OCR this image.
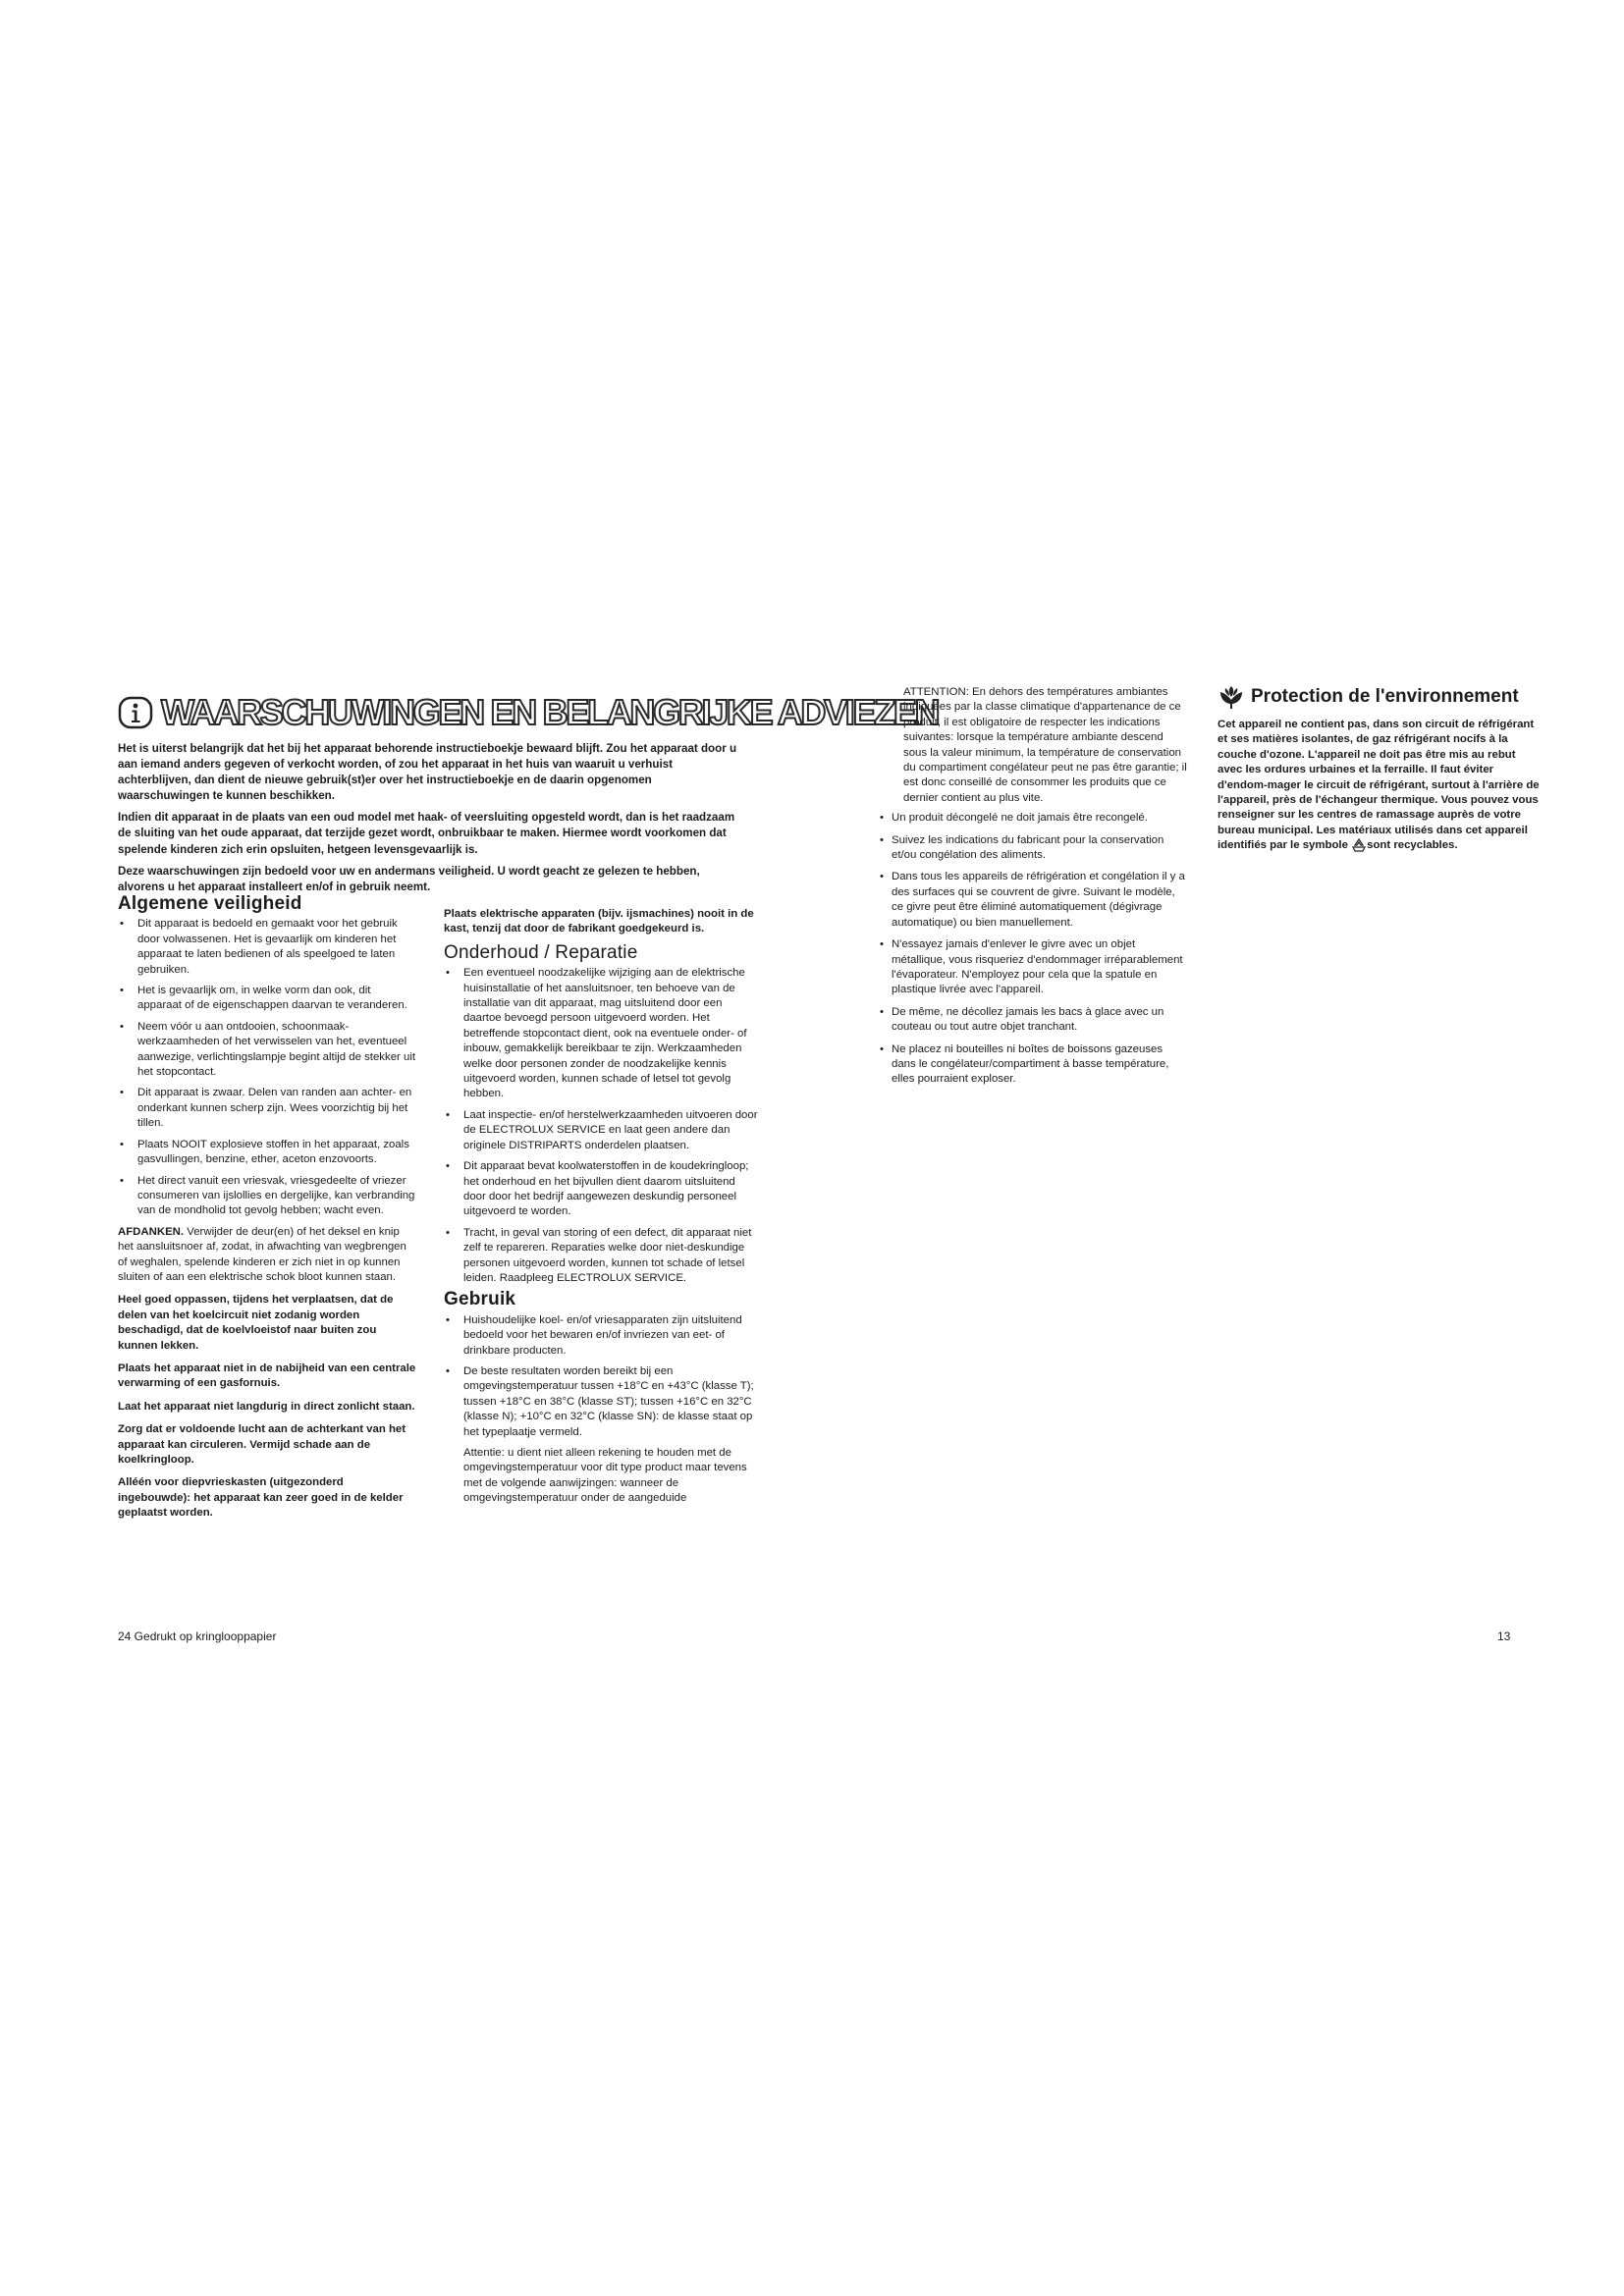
WAARSCHUWINGEN EN BELANGRIJKE ADVIEZEN

Het is uiterst belangrijk dat het bij het apparaat behorende instructieboekje bewaard blijft. Zou het apparaat door u aan iemand anders gegeven of verkocht worden, of zou het apparaat in het huis van waaruit u verhuist achterblijven, dan dient de nieuwe gebruik(st)er over het instructieboekje en de daarin opgenomen waarschuwingen te kunnen beschikken.

Indien dit apparaat in de plaats van een oud model met haak- of veersluiting opgesteld wordt, dan is het raadzaam de sluiting van het oude apparaat, dat terzijde gezet wordt, onbruikbaar te maken. Hiermee wordt voorkomen dat spelende kinderen zich erin opsluiten, hetgeen levensgevaarlijk is.

Deze waarschuwingen zijn bedoeld voor uw en andermans veiligheid. U wordt geacht ze gelezen te hebben, alvorens u het apparaat installeert en/of in gebruik neemt.

Algemene veiligheid
• Dit apparaat is bedoeld en gemaakt voor het gebruik door volwassenen. Het is gevaarlijk om kinderen het apparaat te laten bedienen of als speelgoed te laten gebruiken.
• Het is gevaarlijk om, in welke vorm dan ook, dit apparaat of de eigenschappen daarvan te veranderen.
• Neem vóór u aan ontdooien, schoonmaak-werkzaamheden of het verwisselen van het, eventueel aanwezige, verlichtingslampje begint altijd de stekker uit het stopcontact.
• Dit apparaat is zwaar. Delen van randen aan achter- en onderkant kunnen scherp zijn. Wees voorzichtig bij het tillen.
• Plaats NOOIT explosieve stoffen in het apparaat, zoals gasvullingen, benzine, ether, aceton enzovoorts.
• Het direct vanuit een vriesvak, vriesgedeelte of vriezer consumeren van ijslollies en dergelijke, kan verbranding van de mondholid tot gevolg hebben; wacht even.

AFDANKEN. Verwijder de deur(en) of het deksel en knip het aansluitsnoer af, zodat, in afwachting van wegbrengen of weghalen, spelende kinderen er zich niet in op kunnen sluiten of aan een elektrische schok bloot kunnen staan.

Heel goed oppassen, tijdens het verplaatsen, dat de delen van het koelcircuit niet zodanig worden beschadigd, dat de koelvloeistof naar buiten zou kunnen lekken.

Plaats het apparaat niet in de nabijheid van een centrale verwarming of een gasfornuis.

Laat het apparaat niet langdurig in direct zonlicht staan.

Zorg dat er voldoende lucht aan de achterkant van het apparaat kan circuleren. Vermijd schade aan de koelkringloop.

Alléén voor diepvrieskasten (uitgezonderd ingebouwde): het apparaat kan zeer goed in de kelder geplaatst worden.

Plaats elektrische apparaten (bijv. ijsmachines) nooit in de kast, tenzij dat door de fabrikant goedgekeurd is.

Onderhoud / Reparatie
• Een eventueel noodzakelijke wijziging aan de elektrische huisinstallatie of het aansluitsnoer, ten behoeve van de installatie van dit apparaat, mag uitsluitend door een daartoe bevoegd persoon uitgevoerd worden. Het betreffende stopcontact dient, ook na eventuele onder- of inbouw, gemakkelijk bereikbaar te zijn. Werkzaamheden welke door personen zonder de noodzakelijke kennis uitgevoerd worden, kunnen schade of letsel tot gevolg hebben.
• Laat inspectie- en/of herstelwerkzaamheden uitvoeren door de ELECTROLUX SERVICE en laat geen andere dan originele DISTRIPARTS onderdelen plaatsen.
• Dit apparaat bevat koolwaterstoffen in de koudekringloop; het onderhoud en het bijvullen dient daarom uitsluitend door door het bedrijf aangewezen deskundig personeel uitgevoerd te worden.
• Tracht, in geval van storing of een defect, dit apparaat niet zelf te repareren. Reparaties welke door niet-deskundige personen uitgevoerd worden, kunnen tot schade of letsel leiden. Raadpleeg ELECTROLUX SERVICE.
Gebruik
• Huishoudelijke koel- en/of vriesapparaten zijn uitsluitend bedoeld voor het bewaren en/of invriezen van eet- of drinkbare producten.
• De beste resultaten worden bereikt bij een omgevingstemperatuur tussen +18°C en +43°C (klasse T); tussen +18°C en 38°C (klasse ST); tussen +16°C en 32°C (klasse N); +10°C en 32°C (klasse SN): de klasse staat op het typeplaatje vermeld.

Attentie: u dient niet alleen rekening te houden met de omgevingstemperatuur voor dit type product maar tevens met de volgende aanwijzingen: wanneer de omgevingstemperatuur onder de aangeduide

ATTENTION: En dehors des températures ambiantes indiquées par la classe climatique d'appartenance de ce produit, il est obligatoire de respecter les indications suivantes: lorsque la température ambiante descend sous la valeur minimum, la température de conservation du compartiment congélateur peut ne pas être garantie; il est donc conseillé de consommer les produits que ce dernier contient au plus vite.

• Un produit décongelé ne doit jamais être recongelé.
• Suivez les indications du fabricant pour la conservation et/ou congélation des aliments.
• Dans tous les appareils de réfrigération et congélation il y a des surfaces qui se couvrent de givre. Suivant le modèle, ce givre peut être éliminé automatiquement (dégivrage automatique) ou bien manuellement.
• N'essayez jamais d'enlever le givre avec un objet métallique, vous risqueriez d'endommager irréparablement l'évaporateur. N'employez pour cela que la spatule en plastique livrée avec l'appareil.
• De même, ne décollez jamais les bacs à glace avec un couteau ou tout autre objet tranchant.
• Ne placez ni bouteilles ni boîtes de boissons gazeuses dans le congélateur/compartiment à basse température, elles pourraient exploser.
Protection de l'environnement

Cet appareil ne contient pas, dans son circuit de réfrigérant et ses matières isolantes, de gaz réfrigérant nocifs à la couche d'ozone. L'appareil ne doit pas être mis au rebut avec les ordures urbaines et la ferraille. Il faut éviter d'endom-mager le circuit de réfrigérant, surtout à l'arrière de l'appareil, près de l'échangeur thermique. Vous pouvez vous renseigner sur les centres de ramassage auprès de votre bureau municipal. Les matériaux utilisés dans cet appareil identifiés par le symbole sont recyclables.

24 Gedrukt op kringlooppapier	13
